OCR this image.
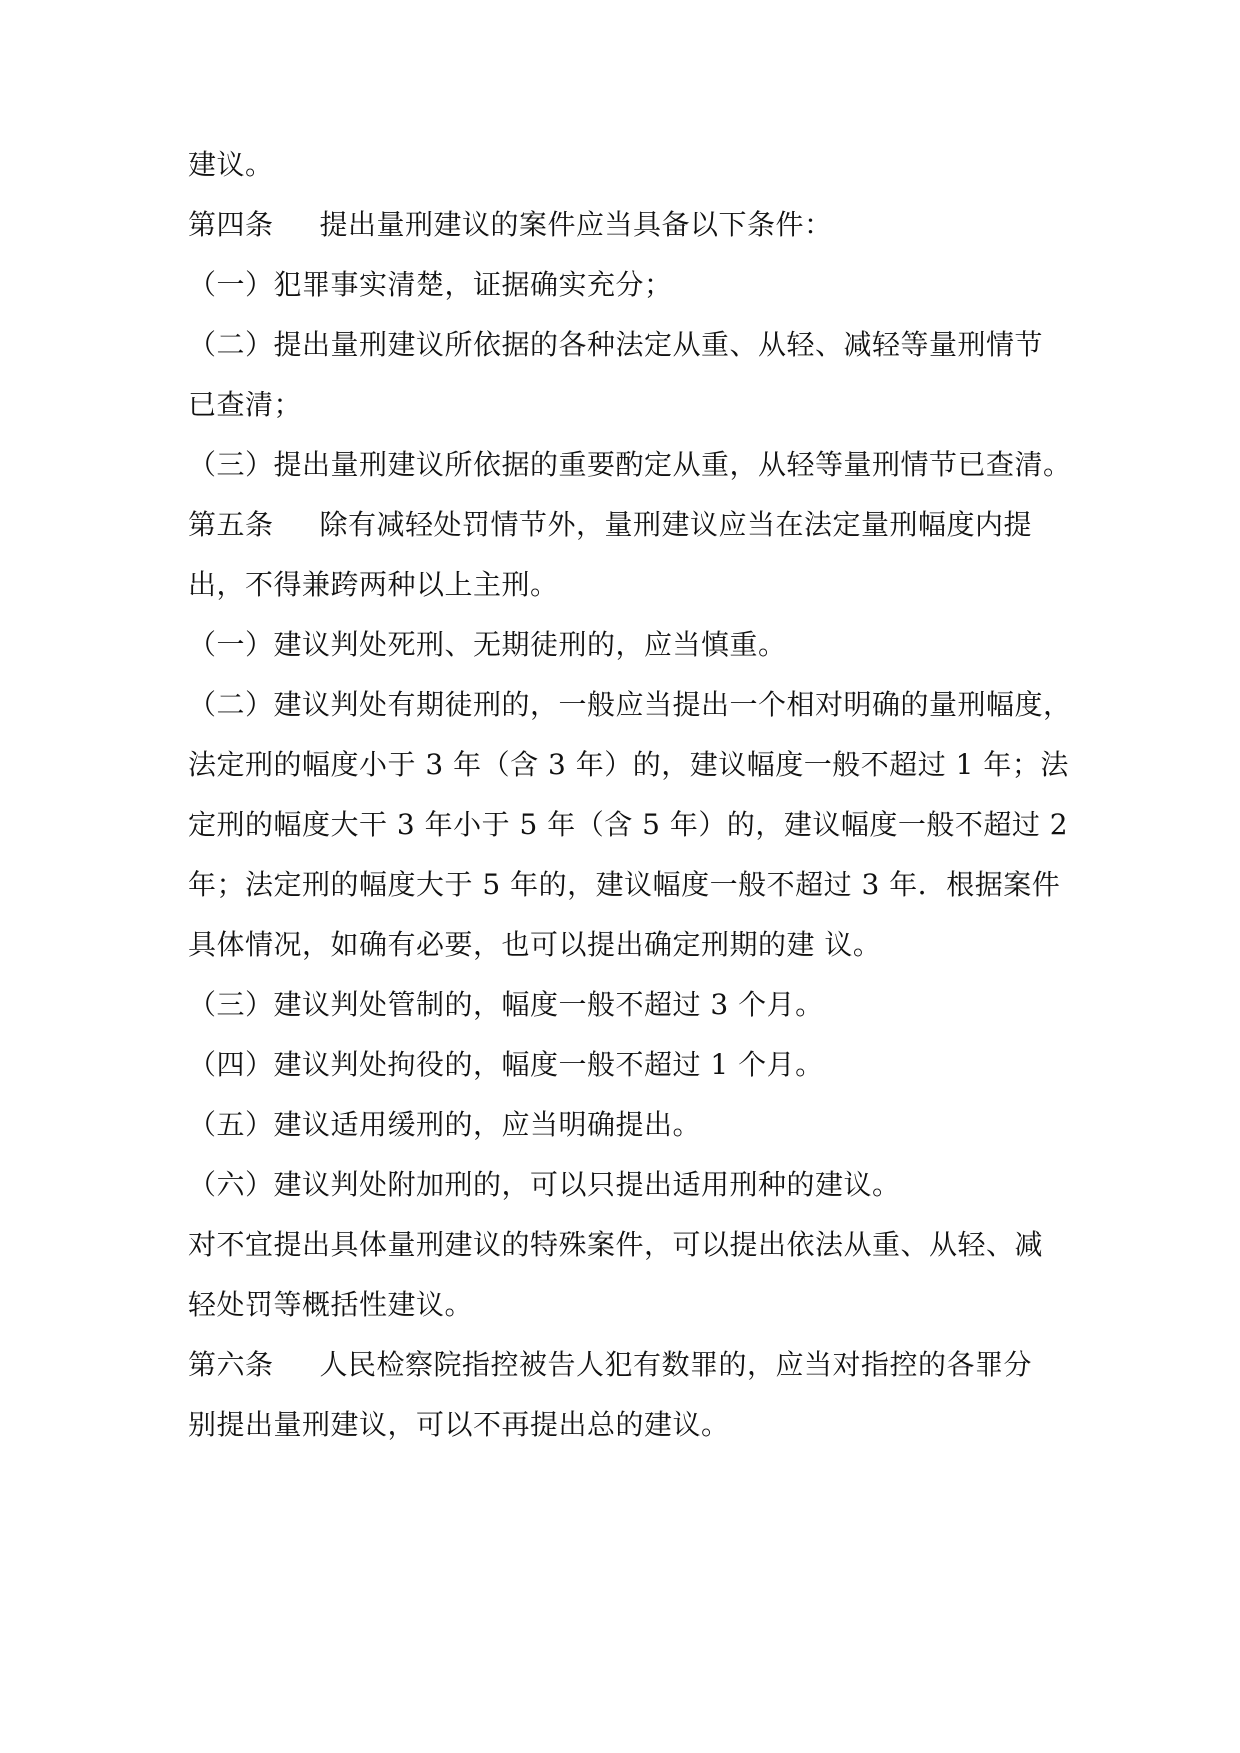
建议。
第四条 提出量刑建议的案件应当具备以下条件：
（一）犯罪事实清楚，证据确实充分；
（二）提出量刑建议所依据的各种法定从重、从轻、减轻等量刑情节
已查清；
（三）提出量刑建议所依据的重要酌定从重，从轻等量刑情节已查清。
第五条 除有减轻处罚情节外，量刑建议应当在法定量刑幅度内提
出，不得兼跨两种以上主刑。
（一）建议判处死刑、无期徒刑的，应当慎重。
（二）建议判处有期徒刑的，一般应当提出一个相对明确的量刑幅度，
法定刑的幅度小于 3 年（含 3 年）的，建议幅度一般不超过 1 年；法
定刑的幅度大干 3 年小于 5 年（含 5 年）的，建议幅度一般不超过 2
年；法定刑的幅度大于 5 年的，建议幅度一般不超过 3 年．根据案件
具体情况，如确有必要，也可以提出确定刑期的建 议。
（三）建议判处管制的，幅度一般不超过 3 个月。
（四）建议判处拘役的，幅度一般不超过 1 个月。
（五）建议适用缓刑的，应当明确提出。
（六）建议判处附加刑的，可以只提出适用刑种的建议。
对不宜提出具体量刑建议的特殊案件，可以提出依法从重、从轻、减
轻处罚等概括性建议。
第六条 人民检察院指控被告人犯有数罪的，应当对指控的各罪分
别提出量刑建议，可以不再提出总的建议。
